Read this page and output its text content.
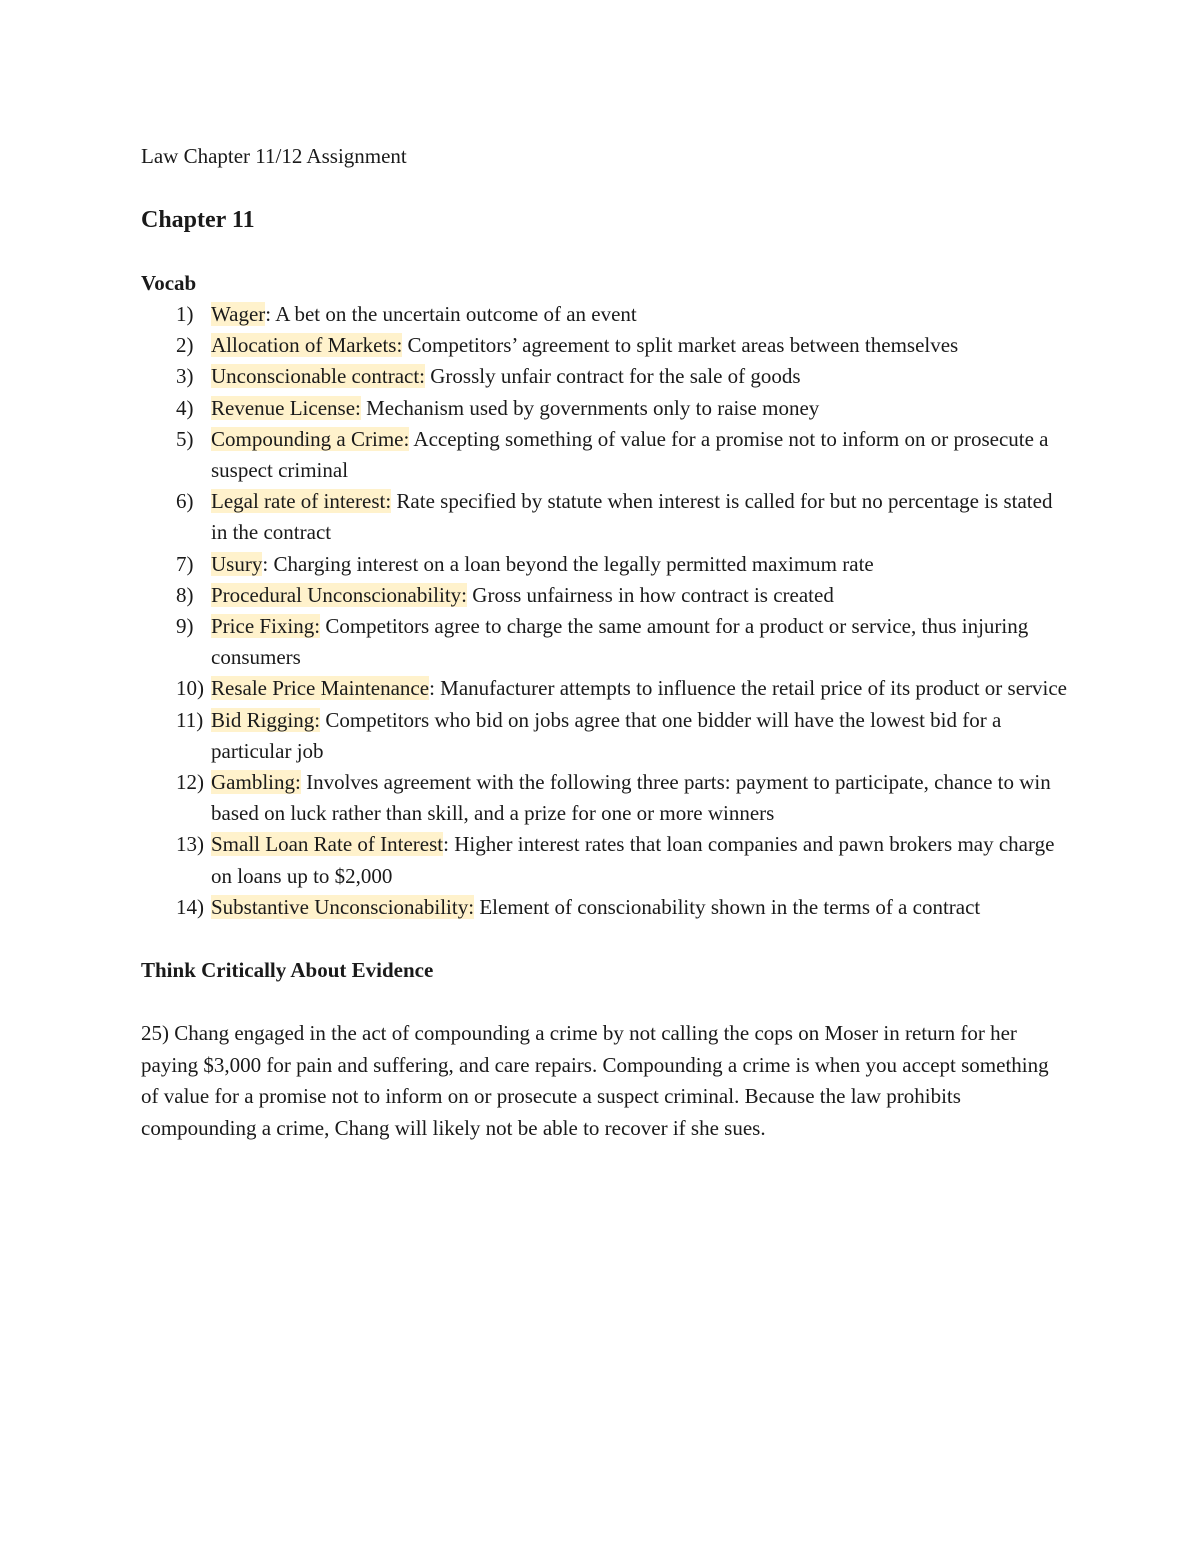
Law Chapter 11/12 Assignment

Chapter 11
Vocab
1) Wager: A bet on the uncertain outcome of an event
2) Allocation of Markets: Competitors’ agreement to split market areas between themselves
3) Unconscionable contract: Grossly unfair contract for the sale of goods
4) Revenue License: Mechanism used by governments only to raise money
5) Compounding a Crime: Accepting something of value for a promise not to inform on or prosecute a suspect criminal
6) Legal rate of interest: Rate specified by statute when interest is called for but no percentage is stated in the contract
7) Usury: Charging interest on a loan beyond the legally permitted maximum rate
8) Procedural Unconscionability: Gross unfairness in how contract is created
9) Price Fixing: Competitors agree to charge the same amount for a product or service, thus injuring consumers
10) Resale Price Maintenance: Manufacturer attempts to influence the retail price of its product or service
11) Bid Rigging: Competitors who bid on jobs agree that one bidder will have the lowest bid for a particular job
12) Gambling: Involves agreement with the following three parts: payment to participate, chance to win based on luck rather than skill, and a prize for one or more winners
13) Small Loan Rate of Interest: Higher interest rates that loan companies and pawn brokers may charge on loans up to $2,000
14) Substantive Unconscionability: Element of conscionability shown in the terms of a contract
Think Critically About Evidence

25) Chang engaged in the act of compounding a crime by not calling the cops on Moser in return for her paying $3,000 for pain and suffering, and care repairs. Compounding a crime is when you accept something of value for a promise not to inform on or prosecute a suspect criminal. Because the law prohibits compounding a crime, Chang will likely not be able to recover if she sues.
